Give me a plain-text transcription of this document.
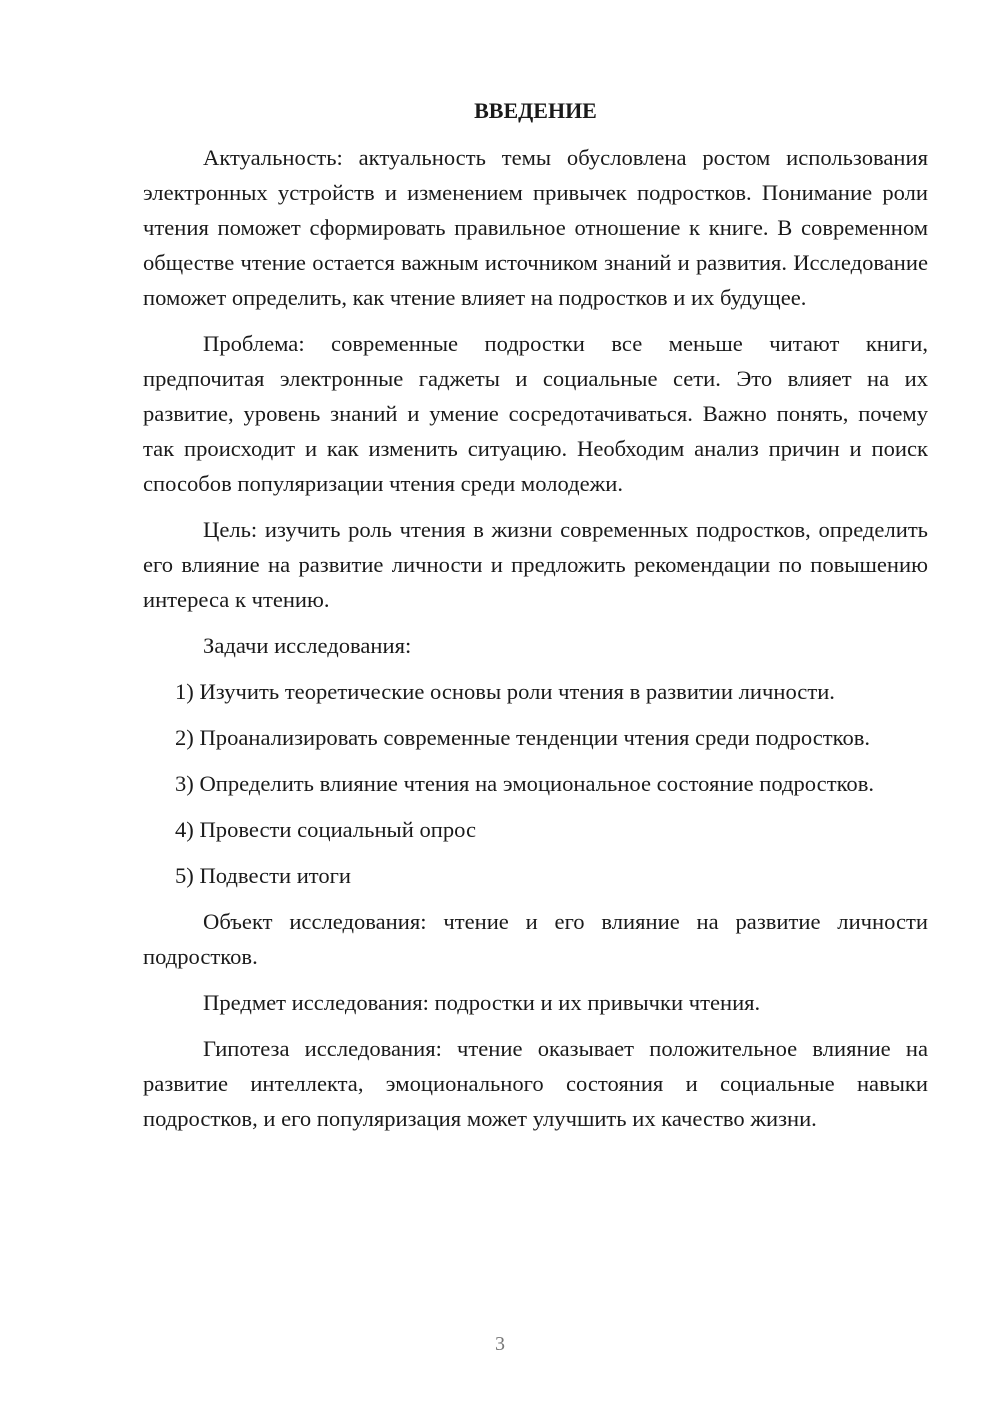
ВВЕДЕНИЕ

Актуальность: актуальность темы обусловлена ростом использования электронных устройств и изменением привычек подростков. Понимание роли чтения поможет сформировать правильное отношение к книге. В современном обществе чтение остается важным источником знаний и развития. Исследование поможет определить, как чтение влияет на подростков и их будущее.

Проблема: современные подростки все меньше читают книги, предпочитая электронные гаджеты и социальные сети. Это влияет на их развитие, уровень знаний и умение сосредотачиваться. Важно понять, почему так происходит и как изменить ситуацию. Необходим анализ причин и поиск способов популяризации чтения среди молодежи.

Цель: изучить роль чтения в жизни современных подростков, определить его влияние на развитие личности и предложить рекомендации по повышению интереса к чтению.

Задачи исследования:

1) Изучить теоретические основы роли чтения в развитии личности.

2) Проанализировать современные тенденции чтения среди подростков.

3) Определить влияние чтения на эмоциональное состояние подростков.

4) Провести социальный опрос

5) Подвести итоги

Объект исследования: чтение и его влияние на развитие личности подростков.

Предмет исследования: подростки и их привычки чтения.

Гипотеза исследования: чтение оказывает положительное влияние на развитие интеллекта, эмоционального состояния и социальные навыки подростков, и его популяризация может улучшить их качество жизни.

3
